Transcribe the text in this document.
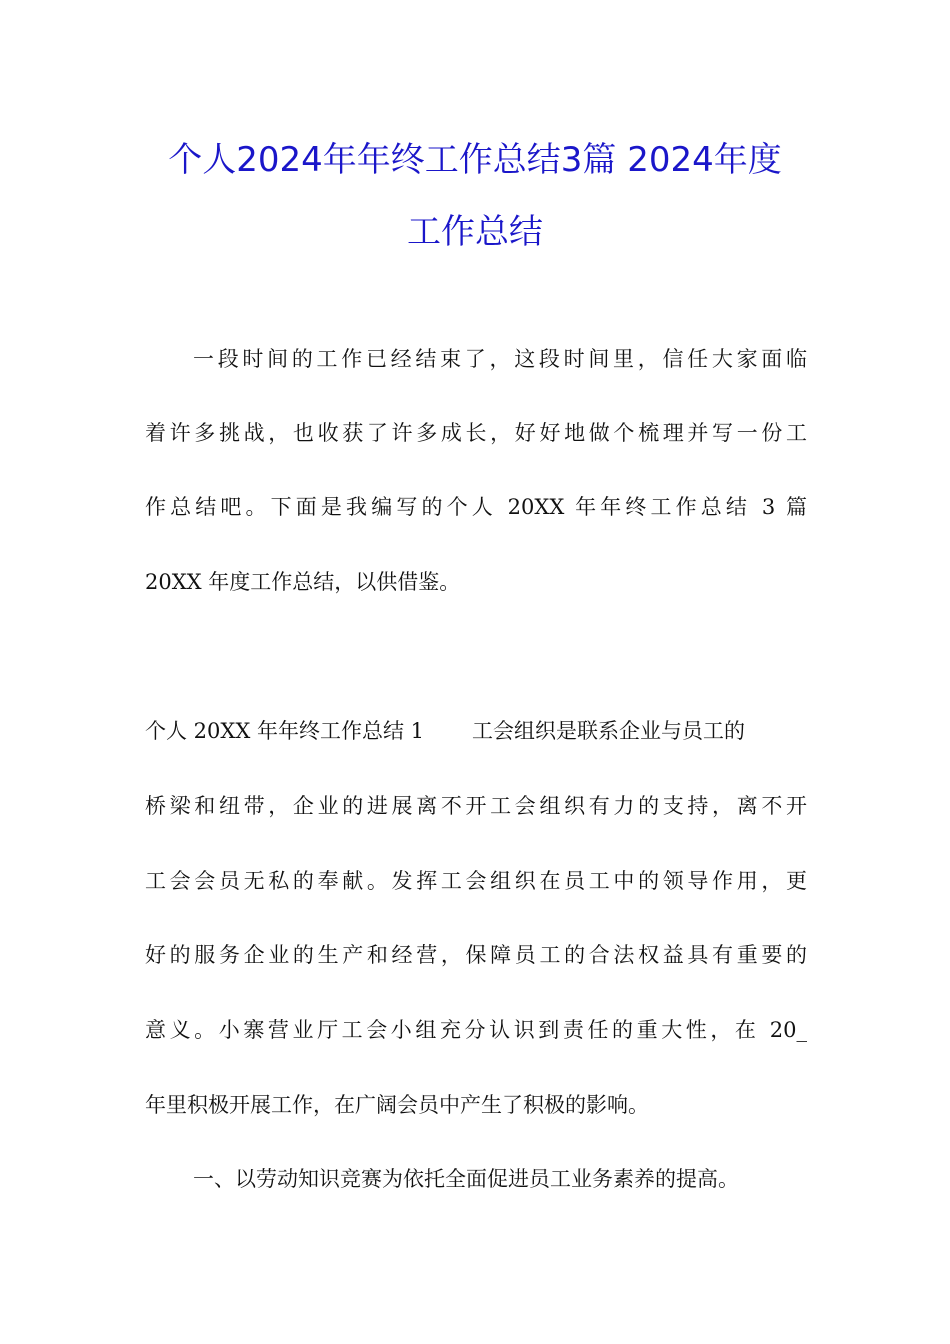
个人2024年年终工作总结3篇 2024年度
工作总结
一段时间的工作已经结束了，这段时间里，信任大家面临
着许多挑战，也收获了许多成长，好好地做个梳理并写一份工
作总结吧。下面是我编写的个人 20XX 年年终工作总结 3 篇
20XX 年度工作总结，以供借鉴。
个人 20XX 年年终工作总结 1 工会组织是联系企业与员工的
桥梁和纽带，企业的进展离不开工会组织有力的支持，离不开
工会会员无私的奉献。发挥工会组织在员工中的领导作用，更
好的服务企业的生产和经营，保障员工的合法权益具有重要的
意义。小寨营业厅工会小组充分认识到责任的重大性，在 20_
年里积极开展工作，在广阔会员中产生了积极的影响。
一、以劳动知识竞赛为依托全面促进员工业务素养的提高。
